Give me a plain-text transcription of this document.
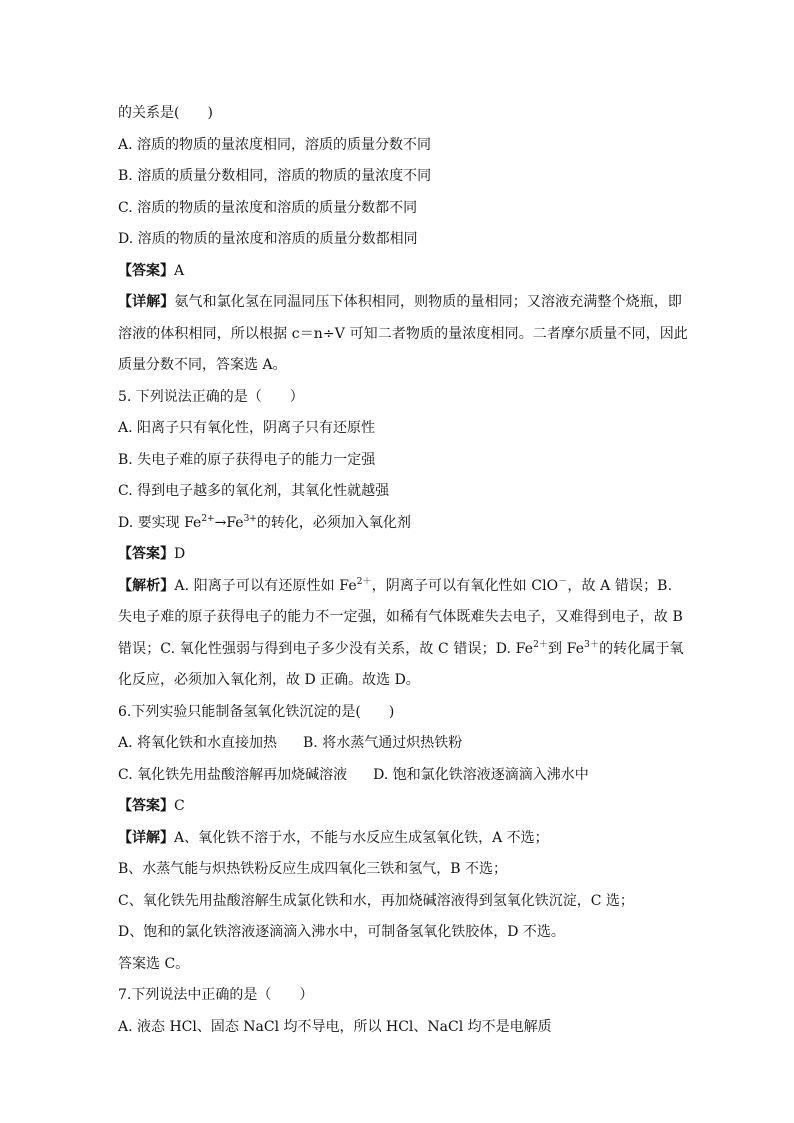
的关系是(　　)
A. 溶质的物质的量浓度相同，溶质的质量分数不同
B. 溶质的质量分数相同，溶质的物质的量浓度不同
C. 溶质的物质的量浓度和溶质的质量分数都不同
D. 溶质的物质的量浓度和溶质的质量分数都相同
【答案】A
【详解】氨气和氯化氢在同温同压下体积相同，则物质的量相同；又溶液充满整个烧瓶，即
溶液的体积相同，所以根据 c＝n÷V 可知二者物质的量浓度相同。二者摩尔质量不同，因此
质量分数不同，答案选 A。
5. 下列说法正确的是（　　）
A. 阳离子只有氧化性，阴离子只有还原性
B. 失电子难的原子获得电子的能力一定强
C. 得到电子越多的氧化剂，其氧化性就越强
D. 要实现 $Fe^{2+}\to Fe^{3+}$的转化，必须加入氧化剂
【答案】D
【解析】A. 阳离子可以有还原性如 $Fe^{2+}$，阴离子可以有氧化性如 ClO－，故 A 错误；B.
失电子难的原子获得电子的能力不一定强，如稀有气体既难失去电子，又难得到电子，故 B
错误；C. 氧化性强弱与得到电子多少没有关系，故 C 错误；D. $Fe^{2+}$到 $Fe^{3+}$的转化属于氧
化反应，必须加入氧化剂，故 D 正确。故选 D。
6.下列实验只能制备氢氧化铁沉淀的是(　　)
A. 将氧化铁和水直接加热 B. 将水蒸气通过炽热铁粉
C. 氧化铁先用盐酸溶解再加烧碱溶液 D. 饱和氯化铁溶液逐滴滴入沸水中
【答案】C
【详解】A、氧化铁不溶于水，不能与水反应生成氢氧化铁，A 不选；
B、水蒸气能与炽热铁粉反应生成四氧化三铁和氢气，B 不选；
C、氧化铁先用盐酸溶解生成氯化铁和水，再加烧碱溶液得到氢氧化铁沉淀，C 选；
D、饱和的氯化铁溶液逐滴滴入沸水中，可制备氢氧化铁胶体，D 不选。
答案选 C。
7.下列说法中正确的是（　　）
A. 液态 HCl、固态 NaCl 均不导电，所以 HCl、NaCl 均不是电解质
